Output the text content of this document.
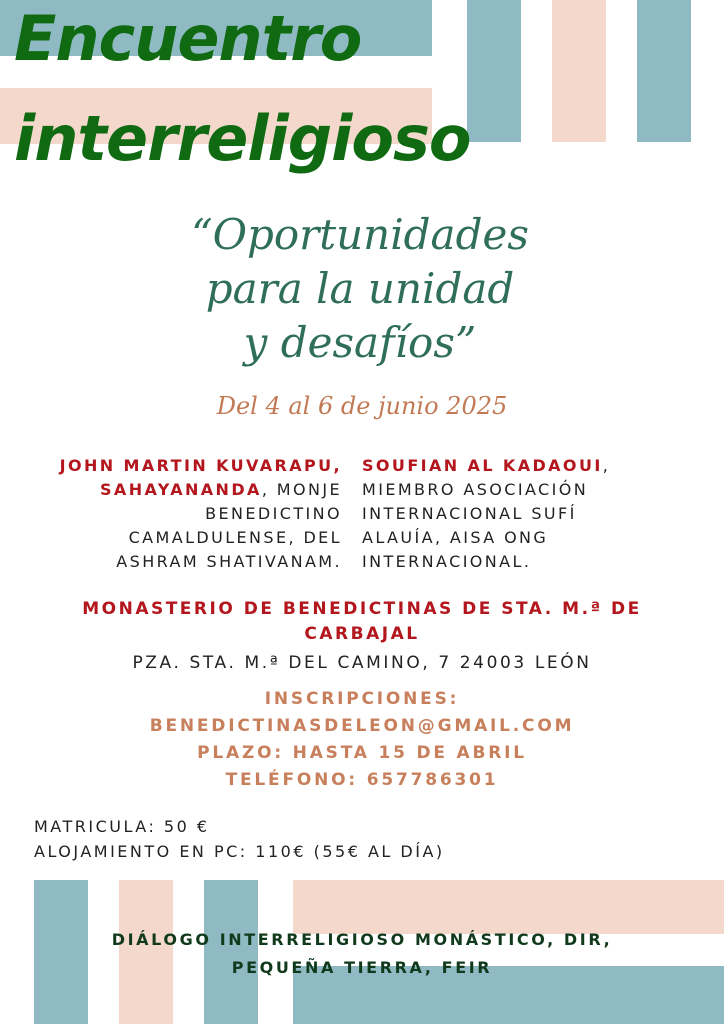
Encuentro
interreligioso
“Oportunidades
para la unidad
y desafíos”
Del 4 al 6 de junio 2025
JOHN MARTIN KUVARAPU,
SAHAYANANDA, MONJE
BENEDICTINO
CAMALDULENSE, DEL
ASHRAM SHATIVANAM.
SOUFIAN AL KADAOUI,
MIEMBRO ASOCIACIÓN
INTERNACIONAL SUFÍ
ALAUÍA, AISA ONG
INTERNACIONAL.
MONASTERIO DE BENEDICTINAS DE STA. M.ª DE
CARBAJAL
PZA. STA. M.ª DEL CAMINO, 7 24003 LEÓN
INSCRIPCIONES:
BENEDICTINASDELEON@GMAIL.COM
PLAZO: HASTA 15 DE ABRIL
TELÉFONO: 657786301
MATRICULA: 50 €
ALOJAMIENTO EN PC: 110€ (55€ AL DÍA)
DIÁLOGO INTERRELIGIOSO MONÁSTICO, DIR,
PEQUEÑA TIERRA, FEIR
